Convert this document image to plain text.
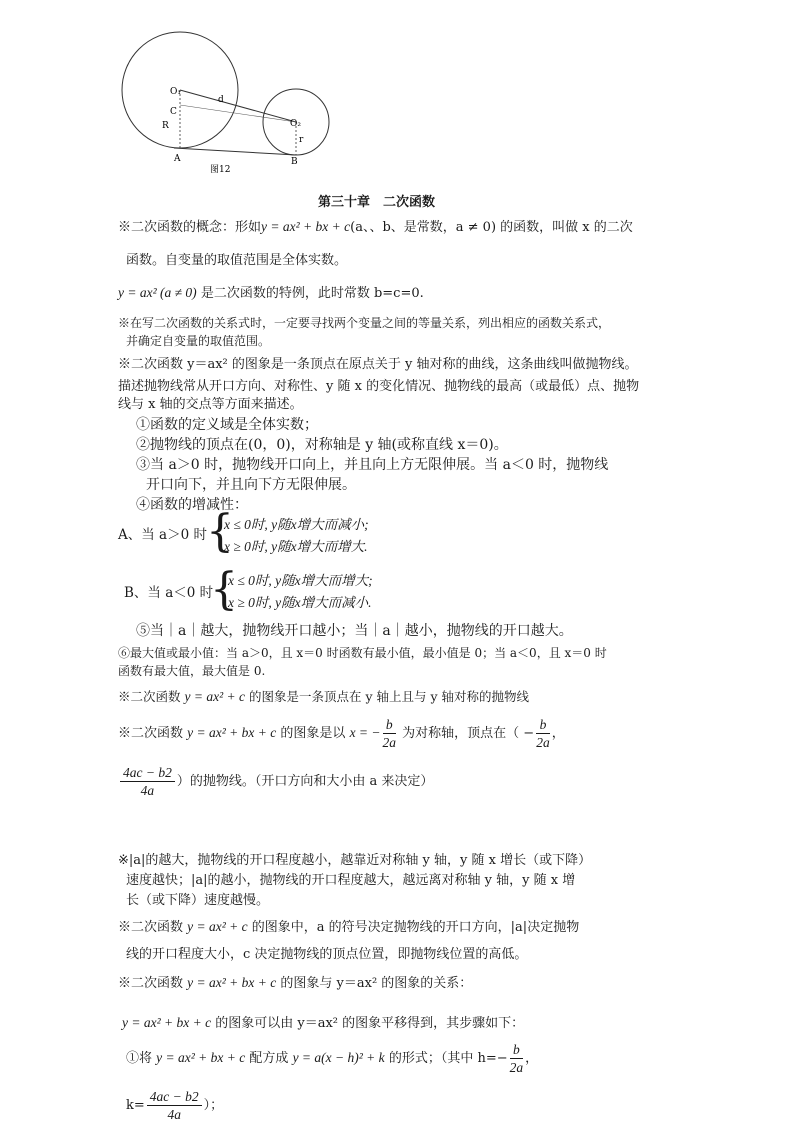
O₁
d
O₂
C
R
r
A	B
图12
第三十章　二次函数
※二次函数的概念：形如y = ax² + bx + c(a、、b、是常数，a ≠ 0) 的函数，叫做 x 的二次
函数。自变量的取值范围是全体实数。
y = ax² (a ≠ 0) 是二次函数的特例，此时常数 b=c=0.
※在写二次函数的关系式时，一定要寻找两个变量之间的等量关系，列出相应的函数关系式，
并确定自变量的取值范围。
※二次函数 y＝ax² 的图象是一条顶点在原点关于 y 轴对称的曲线，这条曲线叫做抛物线。
描述抛物线常从开口方向、对称性、y 随 x 的变化情况、抛物线的最高（或最低）点、抛物
线与 x 轴的交点等方面来描述。
①函数的定义域是全体实数；
②抛物线的顶点在(0，0)，对称轴是 y 轴(或称直线 x＝0)。
③当 a＞0 时，抛物线开口向上，并且向上方无限伸展。当 a＜0 时，抛物线
开口向下，并且向下方无限伸展。
④函数的增减性：
A、当 a＞0 时 {
x ≤ 0时, y随x增大而减小;
x ≥ 0时, y随x增大而增大.
B、当 a＜0 时
{
x ≤ 0时, y随x增大而增大;
x ≥ 0时, y随x增大而减小.
⑤当｜a｜越大，抛物线开口越小；当｜a｜越小，抛物线的开口越大。
⑥最大值或最小值：当 a＞0，且 x＝0 时函数有最小值，最小值是 0；当 a＜0，且 x＝0 时
函数有最大值，最大值是 0.
※二次函数 y = ax² + c 的图象是一条顶点在 y 轴上且与 y 轴对称的抛物线
※二次函数 y = ax² + bx + c 的图象是以 x = − $\frac{b}{2a}$ 为对称轴，顶点在（ − $\frac{b}{2a}$ ，
$\frac{4ac - b2}{4a}$ ）的抛物线。（开口方向和大小由 a 来决定）
※|a|的越大，抛物线的开口程度越小，越靠近对称轴 y 轴，y 随 x 增长（或下降）
速度越快；|a|的越小，抛物线的开口程度越大，越远离对称轴 y 轴，y 随 x 增
长（或下降）速度越慢。
※二次函数 y = ax² + c 的图象中，a 的符号决定抛物线的开口方向，|a|决定抛物
线的开口程度大小，c 决定抛物线的顶点位置，即抛物线位置的高低。
※二次函数 y = ax² + bx + c 的图象与 y＝ax² 的图象的关系：
y = ax² + bx + c 的图象可以由 y＝ax² 的图象平移得到，其步骤如下：
①将 y = ax² + bx + c 配方成 y = a(x − h)² + k 的形式；（其中 $h=- \frac{b}{2a}$ ，
$k= \frac{4ac - b2}{4a}$ ）；
